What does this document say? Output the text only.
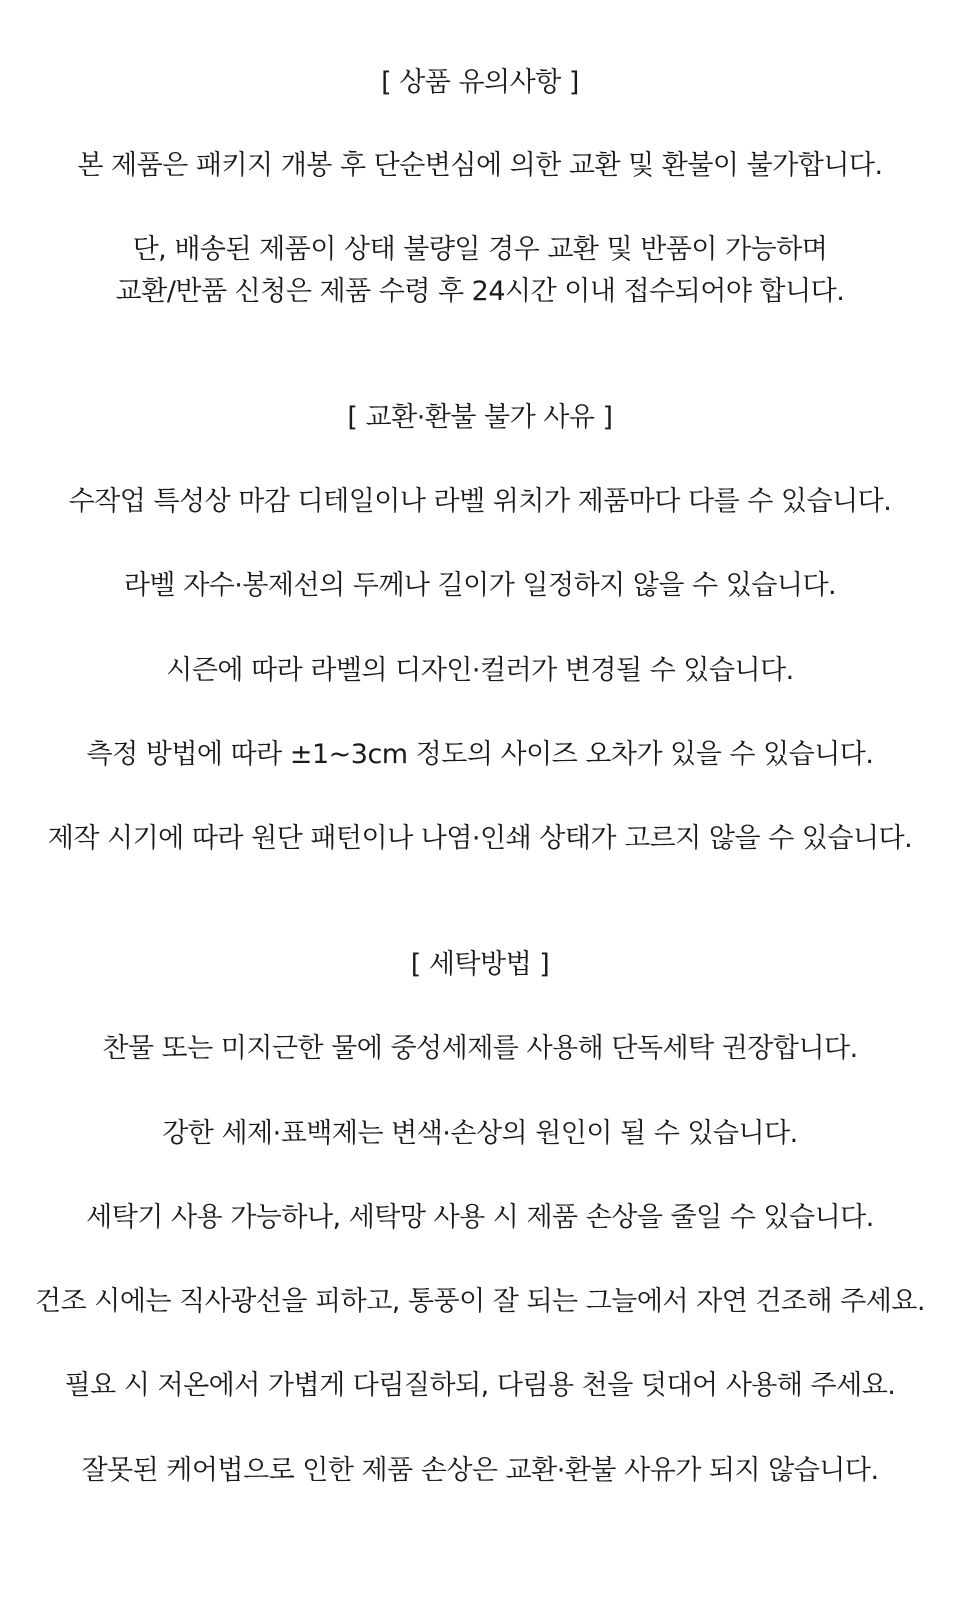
[ 상품 유의사항 ]
본 제품은 패키지 개봉 후 단순변심에 의한 교환 및 환불이 불가합니다.
단, 배송된 제품이 상태 불량일 경우 교환 및 반품이 가능하며
교환/반품 신청은 제품 수령 후 24시간 이내 접수되어야 합니다.
[ 교환·환불 불가 사유 ]
수작업 특성상 마감 디테일이나 라벨 위치가 제품마다 다를 수 있습니다.
라벨 자수·봉제선의 두께나 길이가 일정하지 않을 수 있습니다.
시즌에 따라 라벨의 디자인·컬러가 변경될 수 있습니다.
측정 방법에 따라 ±1~3cm 정도의 사이즈 오차가 있을 수 있습니다.
제작 시기에 따라 원단 패턴이나 나염·인쇄 상태가 고르지 않을 수 있습니다.
[ 세탁방법 ]
찬물 또는 미지근한 물에 중성세제를 사용해 단독세탁 권장합니다.
강한 세제·표백제는 변색·손상의 원인이 될 수 있습니다.
세탁기 사용 가능하나, 세탁망 사용 시 제품 손상을 줄일 수 있습니다.
건조 시에는 직사광선을 피하고, 통풍이 잘 되는 그늘에서 자연 건조해 주세요.
필요 시 저온에서 가볍게 다림질하되, 다림용 천을 덧대어 사용해 주세요.
잘못된 케어법으로 인한 제품 손상은 교환·환불 사유가 되지 않습니다.
